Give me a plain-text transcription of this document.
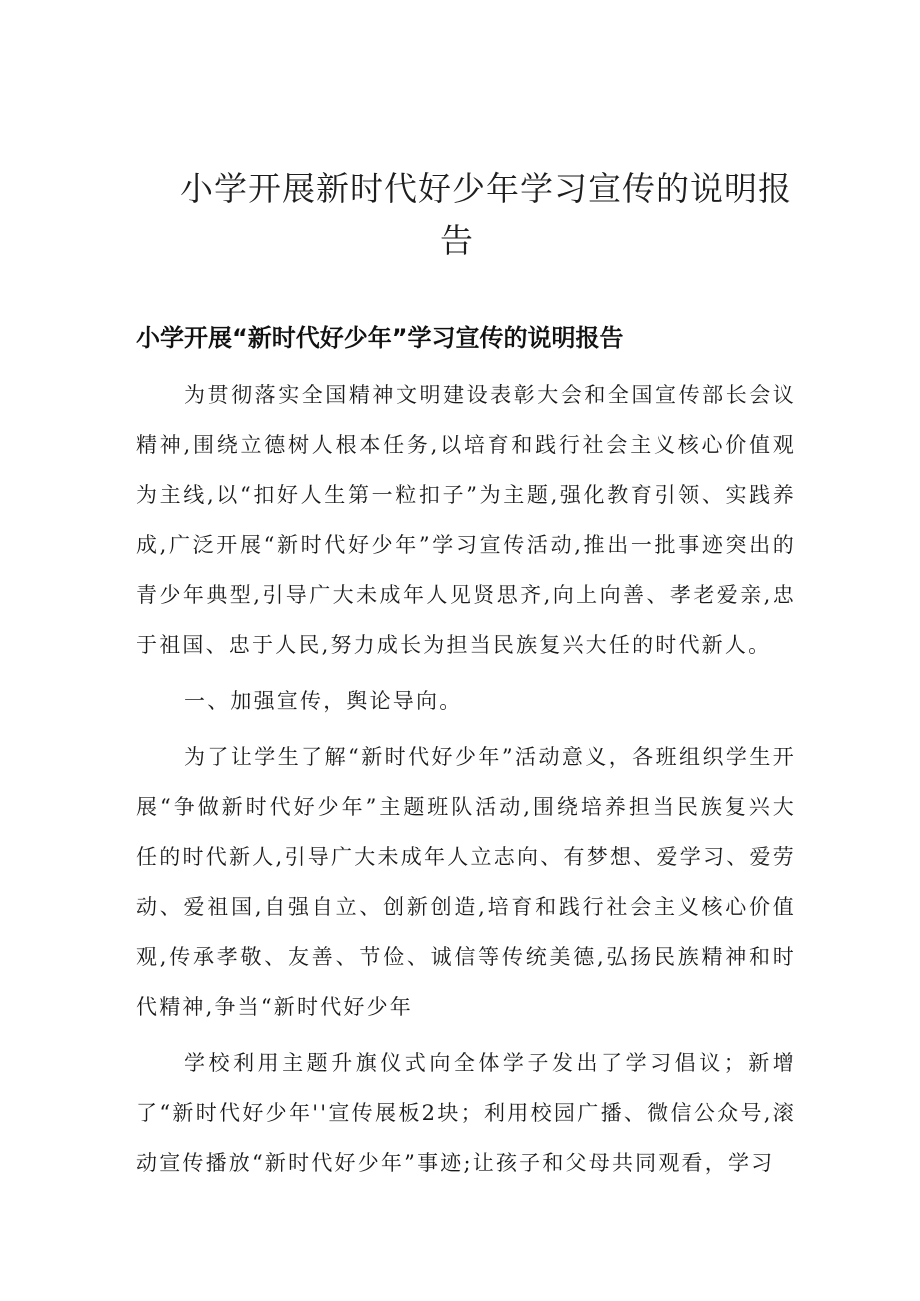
小学开展新时代好少年学习宣传的说明报
告
小学开展“新时代好少年”学习宣传的说明报告

为贯彻落实全国精神文明建设表彰大会和全国宣传部长会议精神,围绕立德树人根本任务,以培育和践行社会主义核心价值观为主线,以“扣好人生第一粒扣子”为主题,强化教育引领、实践养成,广泛开展“新时代好少年”学习宣传活动,推出一批事迹突出的青少年典型,引导广大未成年人见贤思齐,向上向善、孝老爱亲,忠于祖国、忠于人民,努力成长为担当民族复兴大任的时代新人。

一、加强宣传，舆论导向。

为了让学生了解“新时代好少年”活动意义，各班组织学生开展“争做新时代好少年”主题班队活动,围绕培养担当民族复兴大任的时代新人,引导广大未成年人立志向、有梦想、爱学习、爱劳动、爱祖国,自强自立、创新创造,培育和践行社会主义核心价值观,传承孝敬、友善、节俭、诚信等传统美德,弘扬民族精神和时代精神,争当“新时代好少年

学校利用主题升旗仪式向全体学子发出了学习倡议；新增了“新时代好少年''宣传展板2块；利用校园广播、微信公众号,滚动宣传播放“新时代好少年”事迹;让孩子和父母共同观看，学习
